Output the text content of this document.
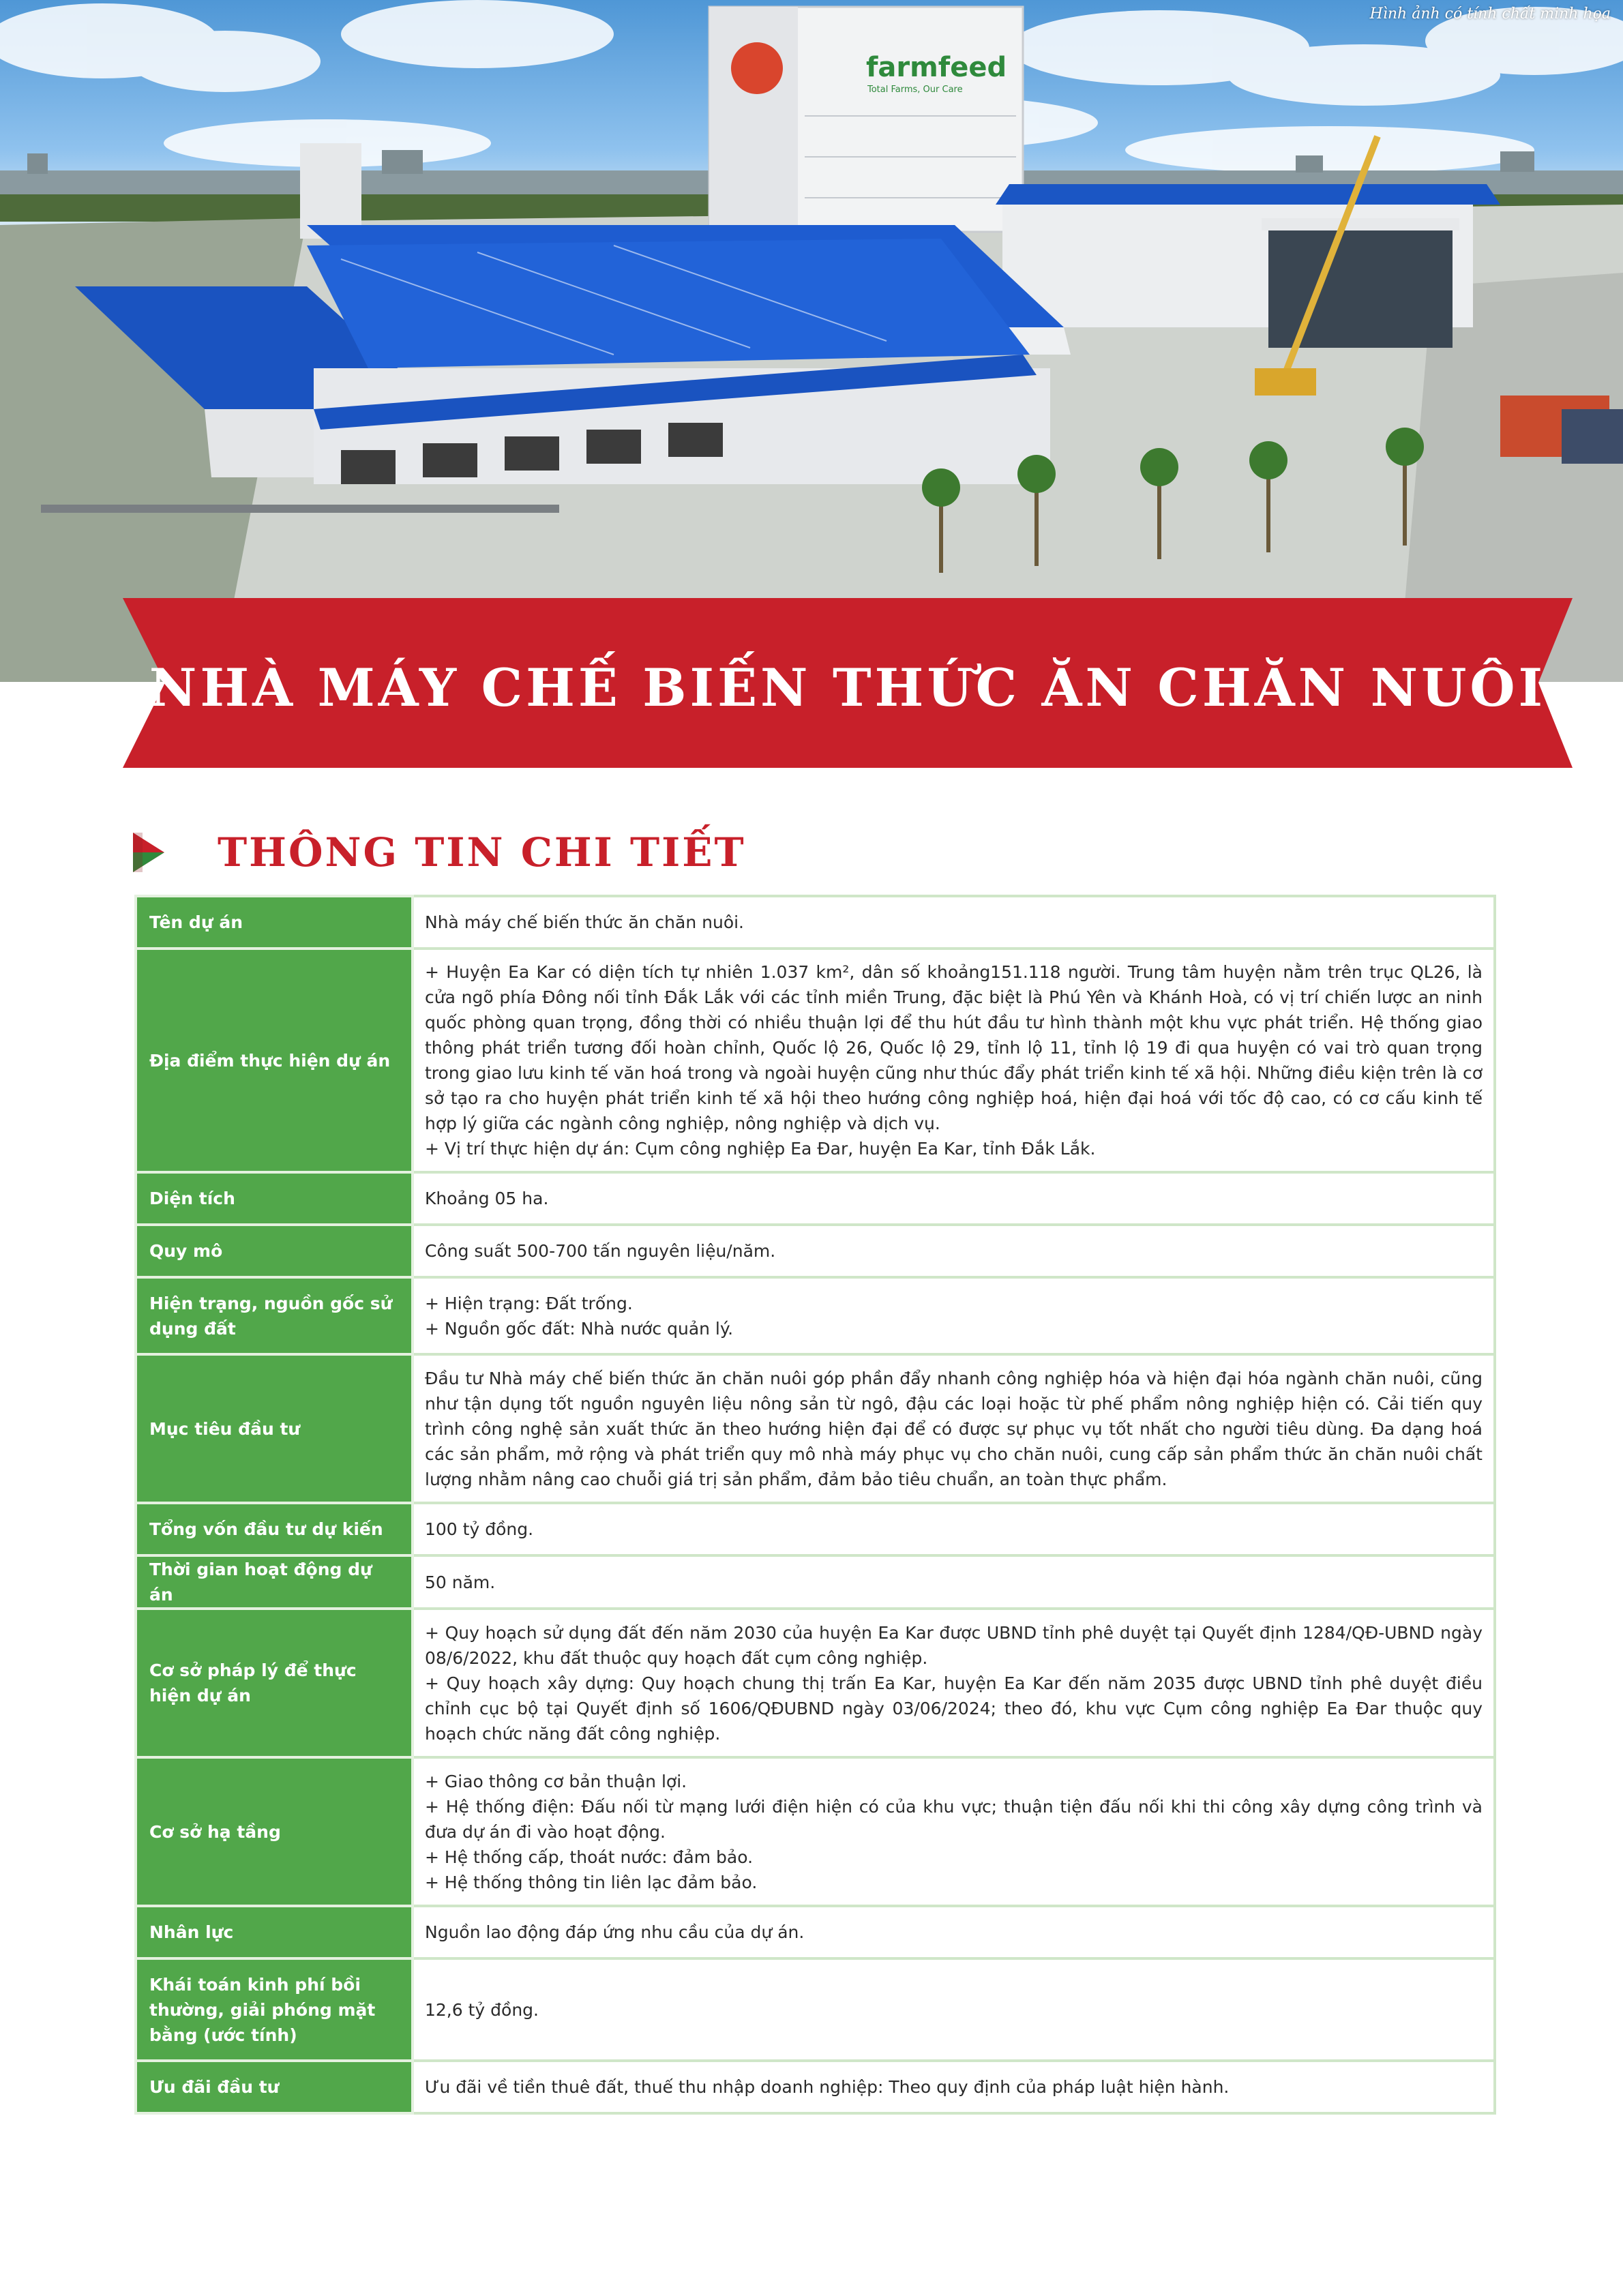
farmfeed
Total Farms, Our Care
Hình ảnh có tính chất minh họa
NHÀ MÁY CHẾ BIẾN THỨC ĂN CHĂN NUÔI
THÔNG TIN CHI TIẾT
Tên dự án	Nhà máy chế biến thức ăn chăn nuôi.

Địa điểm thực hiện dự án	+ Huyện Ea Kar có diện tích tự nhiên 1.037 km², dân số khoảng151.118 người. Trung tâm huyện nằm trên trục QL26, là cửa ngõ phía Đông nối tỉnh Đắk Lắk với các tỉnh miền Trung, đặc biệt là Phú Yên và Khánh Hoà, có vị trí chiến lược an ninh quốc phòng quan trọng, đồng thời có nhiều thuận lợi để thu hút đầu tư hình thành một khu vực phát triển. Hệ thống giao thông phát triển tương đối hoàn chỉnh, Quốc lộ 26, Quốc lộ 29, tỉnh lộ 11, tỉnh lộ 19 đi qua huyện có vai trò quan trọng trong giao lưu kinh tế văn hoá trong và ngoài huyện cũng như thúc đẩy phát triển kinh tế xã hội. Những điều kiện trên là cơ sở tạo ra cho huyện phát triển kinh tế xã hội theo hướng công nghiệp hoá, hiện đại hoá với tốc độ cao, có cơ cấu kinh tế hợp lý giữa các ngành công nghiệp, nông nghiệp và dịch vụ.
+ Vị trí thực hiện dự án: Cụm công nghiệp Ea Đar, huyện Ea Kar, tỉnh Đắk Lắk.

Diện tích	Khoảng 05 ha.

Quy mô	Công suất 500-700 tấn nguyên liệu/năm.

Hiện trạng, nguồn gốc sử dụng đất	+ Hiện trạng: Đất trống.
+ Nguồn gốc đất: Nhà nước quản lý.

Mục tiêu đầu tư	Đầu tư Nhà máy chế biến thức ăn chăn nuôi góp phần đẩy nhanh công nghiệp hóa và hiện đại hóa ngành chăn nuôi, cũng như tận dụng tốt nguồn nguyên liệu nông sản từ ngô, đậu các loại hoặc từ phế phẩm nông nghiệp hiện có. Cải tiến quy trình công nghệ sản xuất thức ăn theo hướng hiện đại để có được sự phục vụ tốt nhất cho người tiêu dùng. Đa dạng hoá các sản phẩm, mở rộng và phát triển quy mô nhà máy phục vụ cho chăn nuôi, cung cấp sản phẩm thức ăn chăn nuôi chất lượng nhằm nâng cao chuỗi giá trị sản phẩm, đảm bảo tiêu chuẩn, an toàn thực phẩm.

Tổng vốn đầu tư dự kiến	100 tỷ đồng.

Thời gian hoạt động dự án	50 năm.

Cơ sở pháp lý để thực hiện dự án	+ Quy hoạch sử dụng đất đến năm 2030 của huyện Ea Kar được UBND tỉnh phê duyệt tại Quyết định 1284/QĐ-UBND ngày 08/6/2022, khu đất thuộc quy hoạch đất cụm công nghiệp.
+ Quy hoạch xây dựng: Quy hoạch chung thị trấn Ea Kar, huyện Ea Kar đến năm 2035 được UBND tỉnh phê duyệt điều chỉnh cục bộ tại Quyết định số 1606/QĐUBND ngày 03/06/2024; theo đó, khu vực Cụm công nghiệp Ea Đar thuộc quy hoạch chức năng đất công nghiệp.

Cơ sở hạ tầng	+ Giao thông cơ bản thuận lợi.
+ Hệ thống điện: Đấu nối từ mạng lưới điện hiện có của khu vực; thuận tiện đấu nối khi thi công xây dựng công trình và đưa dự án đi vào hoạt động.
+ Hệ thống cấp, thoát nước: đảm bảo.
+ Hệ thống thông tin liên lạc đảm bảo.

Nhân lực	Nguồn lao động đáp ứng nhu cầu của dự án.

Khái toán kinh phí bồi thường, giải phóng mặt bằng (ước tính)	12,6 tỷ đồng.

Ưu đãi đầu tư	Ưu đãi về tiền thuê đất, thuế thu nhập doanh nghiệp: Theo quy định của pháp luật hiện hành.
